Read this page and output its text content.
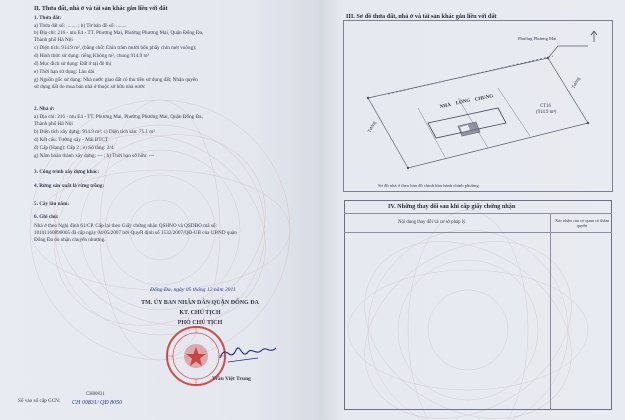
II. Thửa đất, nhà ở và tài sản khác gắn liền với đất
1. Thửa đất:
a) Thửa đất số: ........ ; b) Tờ bản đồ số: ........
b) Địa chỉ: 216 - ntu E4 - TT. Phương Mai, Phường Phương Mai, Quận Đống Đa,
Thành phố Hà Nội
c) Diện tích: 914.9 m², (bằng chữ: Chín trăm mười bốn phẩy chín mét vuông);
d) Hình thức sử dụng: riêng Không m², chung 914.9 m²
đ) Mục đích sử dụng: Đất ở tại đô thị
e) Thời hạn sử dụng: Lâu dài
g) Nguồn gốc sử dụng: Nhà nước giao đất có thu tiền sử dụng đất; Nhận quyền
sử dụng đất do mua bán nhà ở thuộc sở hữu nhà nước
2. Nhà ở:
a) Địa chỉ: 216 - ntu E4 - TT. Phương Mai, Phường Phương Mai, Quận Đống Đa,
Thành phố Hà Nội
b) Diện tích xây dựng: 914.9 m²; c) Diện tích sàn: 75.1 m²
d) Kết cấu: Tường xây - Mái BTCT
đ) Cấp (Hạng): Cấp 2 ; e) Số tầng: 2/4
g) Năm hoàn thành xây dựng: --- ; h) Thời hạn sở hữu: ---
3. Công trình xây dựng khác:
4. Rừng sản xuất là rừng trồng:
5. Cây lâu năm:
6. Ghi chú:
Nhà ở theo Nghị định 61/CP. Cấp lại theo Giấy chứng nhận QSHNO và QSDĐO mã số:
10101160890005 đã cấp ngày 04/05/2007 bởi Quyết định số 1532/2007/QĐ-UB của UBND quận
Đống Đa do nhận chuyển nhượng.
Đống Đa, ngày 05 tháng 12 năm 2011
TM. ỦY BAN NHÂN DÂN QUẬN ĐỐNG ĐA
KT. CHỦ TỊCH
PHÓ CHỦ TỊCH
Trần Việt Trung
Số vào sổ cấp GCN:
CH00831
CH 00831/ QĐ 8050
III. Sơ đồ thửa đất, nhà ở và tài sản khác gắn liền với đất
Phường Phương Mai
Tường
Tường
NHÀ
LÒNG CHUNG
CT16
(914.9 m²)
Sơ đồ nhà ở theo bản đồ chỉnh khu hành chính phường
IV. Những thay đổi sau khi cấp giấy chứng nhận
Nội dung thay đổi và cơ sở pháp lý	Xác nhận của cơ quan có thẩm quyền
